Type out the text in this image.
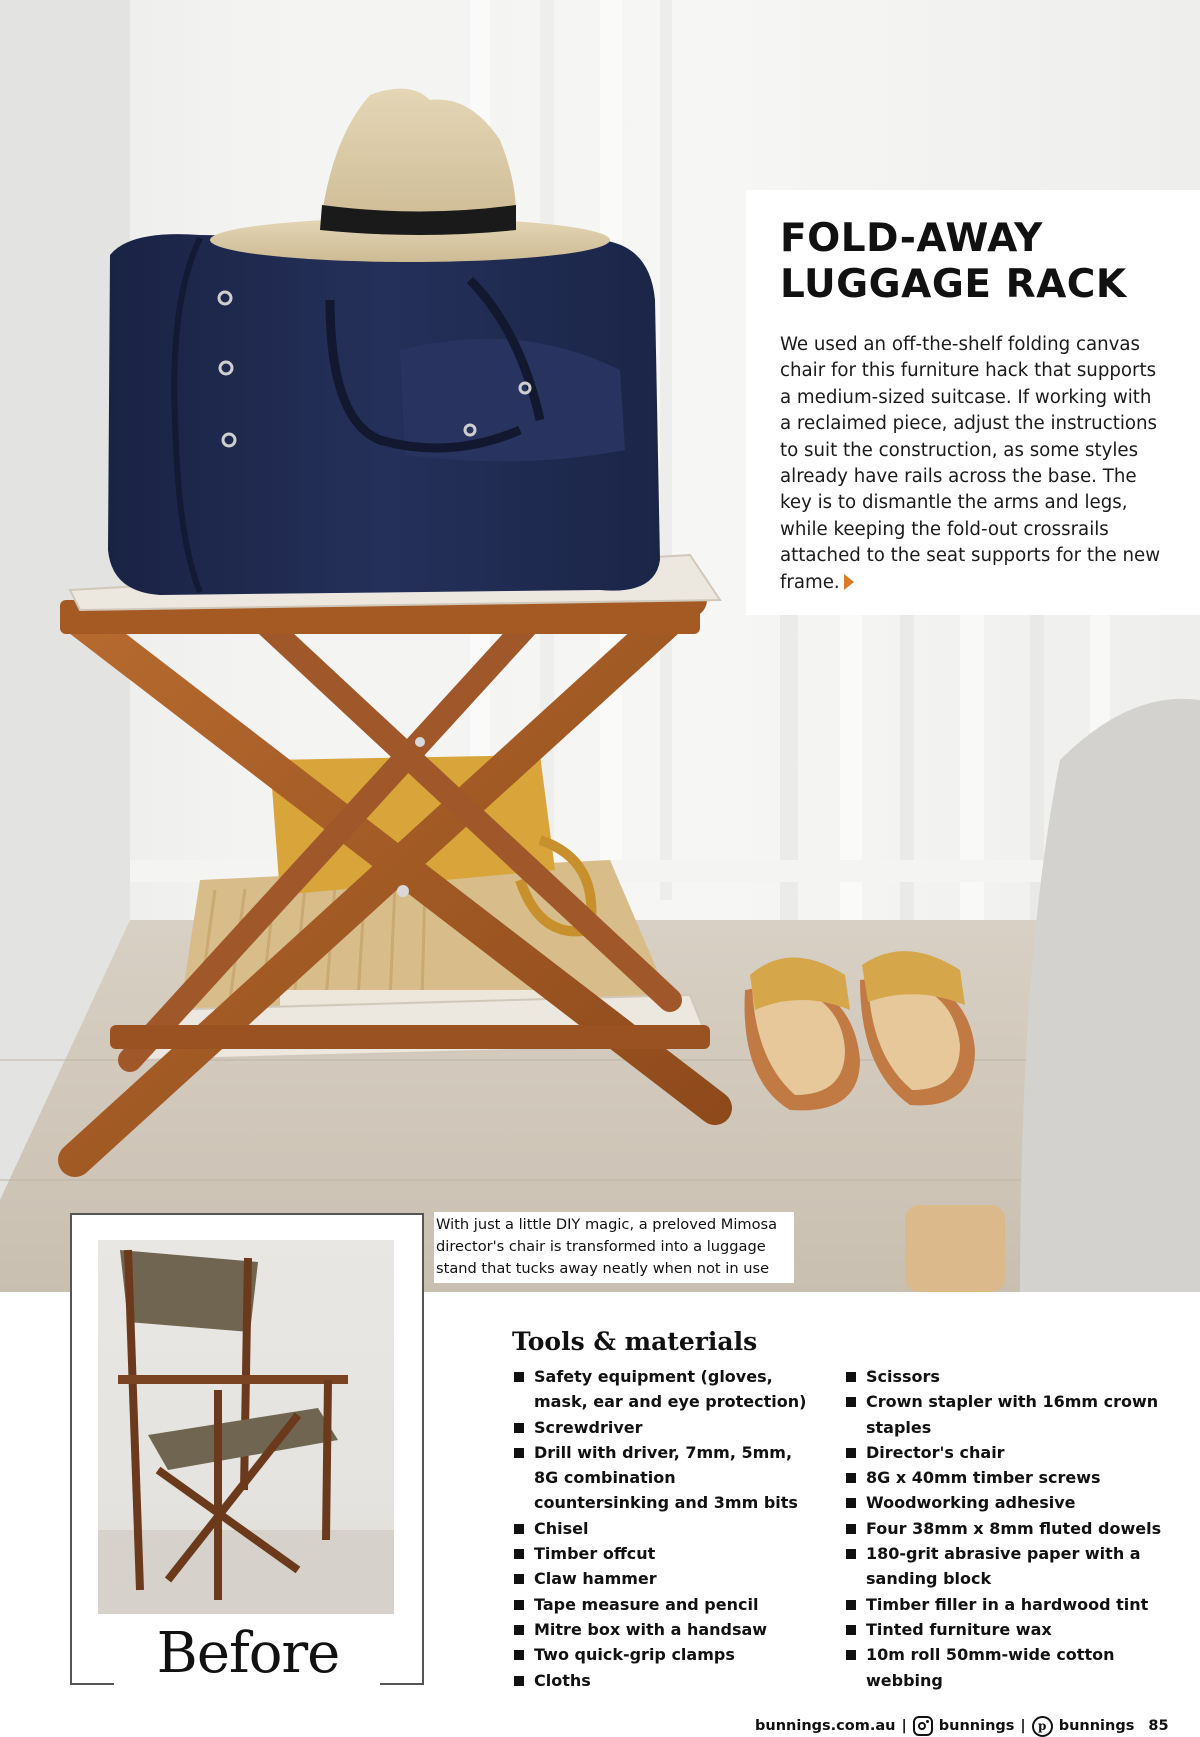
FOLD-AWAY
LUGGAGE RACK

We used an off-the-shelf folding canvas chair for this furniture hack that supports a medium-sized suitcase. If working with a reclaimed piece, adjust the instructions to suit the construction, as some styles already have rails across the base. The key is to dismantle the arms and legs, while keeping the fold-out crossrails attached to the seat supports for the new frame.

With just a little DIY magic, a preloved Mimosa director's chair is transformed into a luggage stand that tucks away neatly when not in use
Before
Tools & materials
Safety equipment (gloves, mask, ear and eye protection)
Screwdriver
Drill with driver, 7mm, 5mm, 8G combination countersinking and 3mm bits
Chisel
Timber offcut
Claw hammer
Tape measure and pencil
Mitre box with a handsaw
Two quick-grip clamps
Cloths
Scissors
Crown stapler with 16mm crown staples
Director's chair
8G x 40mm timber screws
Woodworking adhesive
Four 38mm x 8mm fluted dowels
180-grit abrasive paper with a sanding block
Timber filler in a hardwood tint
Tinted furniture wax
10m roll 50mm-wide cotton webbing
bunnings.com.au | bunnings |	p bunnings 85
